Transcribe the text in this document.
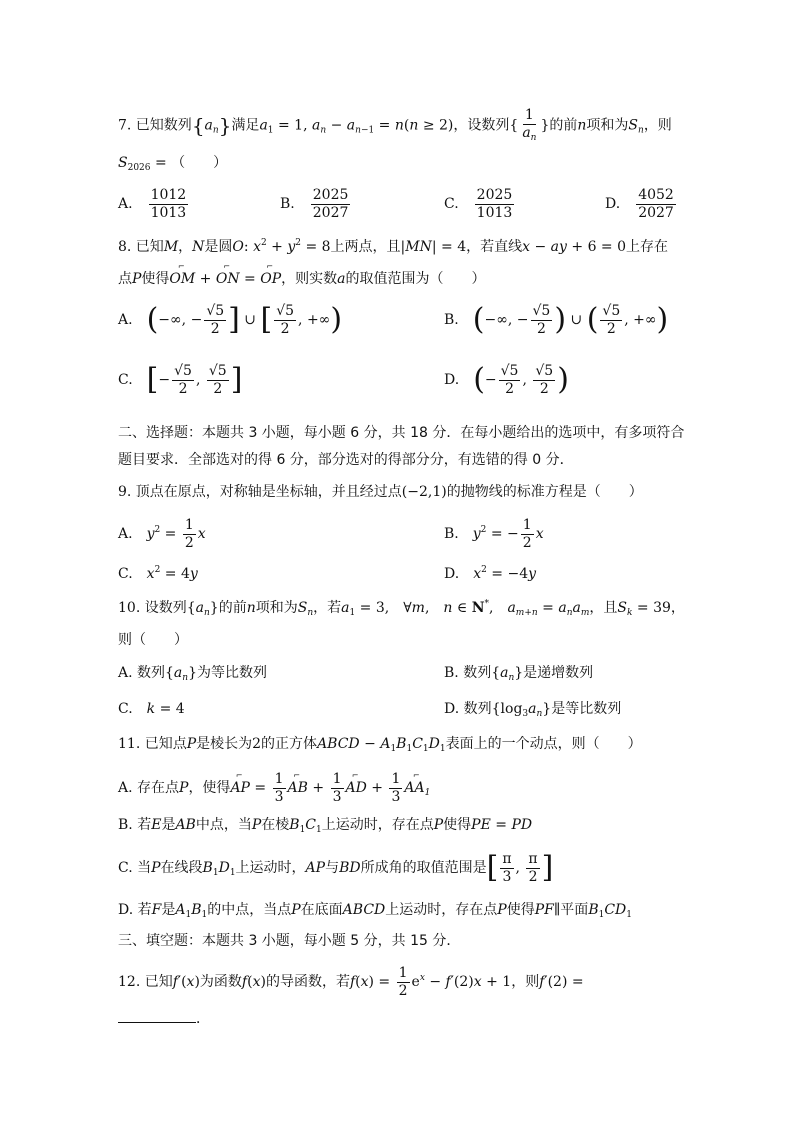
7. 已知数列$\{a_n\}$满足$a_1 = 1$, $a_n - a_{n-1} = n(n \ge 2)$，设数列{ $\frac{1}{a_n}$ }的前n项和为$S_n$，则
$S_{2026}$ = （　　）
A.　 $\frac{1012}{1013}$	B.　 $\frac{2025}{2027}$	C.　 $\frac{2025}{1013}$	D.　 $\frac{4052}{2027}$
8. 已知M，N是圆O: $x^2 + y^2 = 8$上两点，且|MN| = 4，若直线x − ay + 6 = 0上存在
点P使得⌐ OM + ⌐ ON = ⌐ OP，则实数a的取值范围为（　　）
A.　(−∞, − $\frac{√5}{2}$ ] ∪ [ $\frac{√5}{2}$ , +∞)	B.　(−∞, − $\frac{√5}{2}$ ) ∪ ( $\frac{√5}{2}$ , +∞)
C.　[− $\frac{√5}{2}$ , $\frac{√5}{2}$ ]	D.　(− $\frac{√5}{2}$ , $\frac{√5}{2}$ )
二、选择题：本题共 3 小题，每小题 6 分，共 18 分．在每小题给出的选项中，有多项符合
题目要求．全部选对的得 6 分，部分选对的得部分分，有选错的得 0 分．
9. 顶点在原点，对称轴是坐标轴，并且经过点(−2,1)的抛物线的标准方程是（　　）
A.　$y^2 = \frac{1}{2}$ x	B.　$y^2$ = − $\frac{1}{2}$ x
C.　$x^2 = 4y$	D.　$x^2 = -4y$
10. 设数列$\{a_n\}$的前n项和为$S_n$，若$a_1 = 3$,　∀m,　n ∈ N*,　$a_{m+n} = a_na_m$，且$S_k = 39$，
则（　　）
A. 数列$\{a_n\}$为等比数列	B. 数列$\{a_n\}$是递增数列
C.　k = 4	D. 数列$\{\log_3a_n\}$是等比数列
11. 已知点P是棱长为2的正方体ABCD − $A_1B_1C_1D_1$表面上的一个动点，则（　　）
A. 存在点P，使得⌐ AP = $\frac{1}{3}$ ⌐ AB + $\frac{1}{3}$ ⌐ AD + $\frac{1}{3}$ ⌐ $AA_1$
B. 若E是AB中点，当P在棱$B_1C_1$上运动时，存在点P使得PE = PD
C. 当P在线段$B_1D_1$上运动时，AP与BD所成角的取值范围是[ $\frac{\pi}{3}$ , $\frac{\pi}{2}$ ]
D. 若F是$A_1B_1$的中点，当点P在底面ABCD上运动时，存在点P使得PF∥平面$B_1CD_1$
三、填空题：本题共 3 小题，每小题 5 分，共 15 分．
12. 已知f′(x)为函数f(x)的导函数，若$f(x) = \frac{1}{2} e^x - f'(2)x + 1$，则f′(2) =
．
